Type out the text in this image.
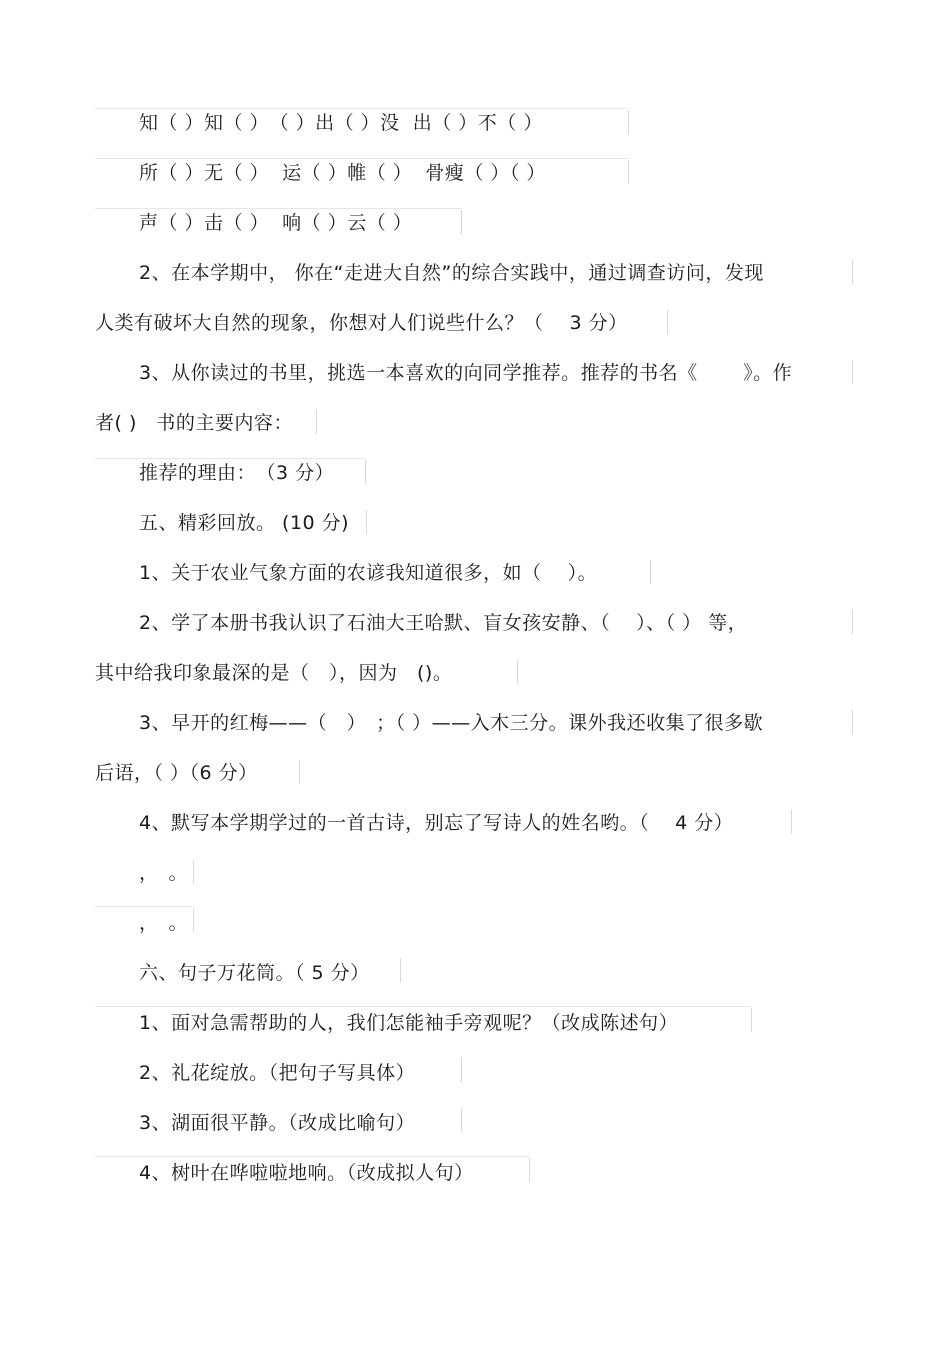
知（ ）知（ ）　（ ）出（ ）没  出（ ）不（ ）
所（ ）无（ ）  运（ ）帷（ ）  骨瘦（ ）（ ）
声（ ）击（ ）  响（ ）云（ ）
2、在本学期中， 你在“走进大自然”的综合实践中，通过调查访问，发现
人类有破坏大自然的现象，你想对人们说些什么？（　 3 分）
3、从你读过的书里，挑选一本喜欢的向同学推荐。推荐的书名《　　 》。作
者( )　书的主要内容：
推荐的理由：　（3 分）
五、精彩回放。 (10 分)
1、关于农业气象方面的农谚我知道很多，如（　 ）。
2、学了本册书我认识了石油大王哈默、盲女孩安静、（　 ）、（ ） 等，
其中给我印象最深的是（　），因为　()。
3、早开的红梅——（　）　；（ ）——入木三分。课外我还收集了很多歇
后语，（ ）（6 分）
4、默写本学期学过的一首古诗，别忘了写诗人的姓名哟。（　 4 分）
，　。
，　。
六、句子万花筒。（ 5 分）
1、面对急需帮助的人，我们怎能袖手旁观呢？（改成陈述句）
2、礼花绽放。（把句子写具体）
3、湖面很平静。（改成比喻句）
4、树叶在哗啦啦地响。（改成拟人句）
